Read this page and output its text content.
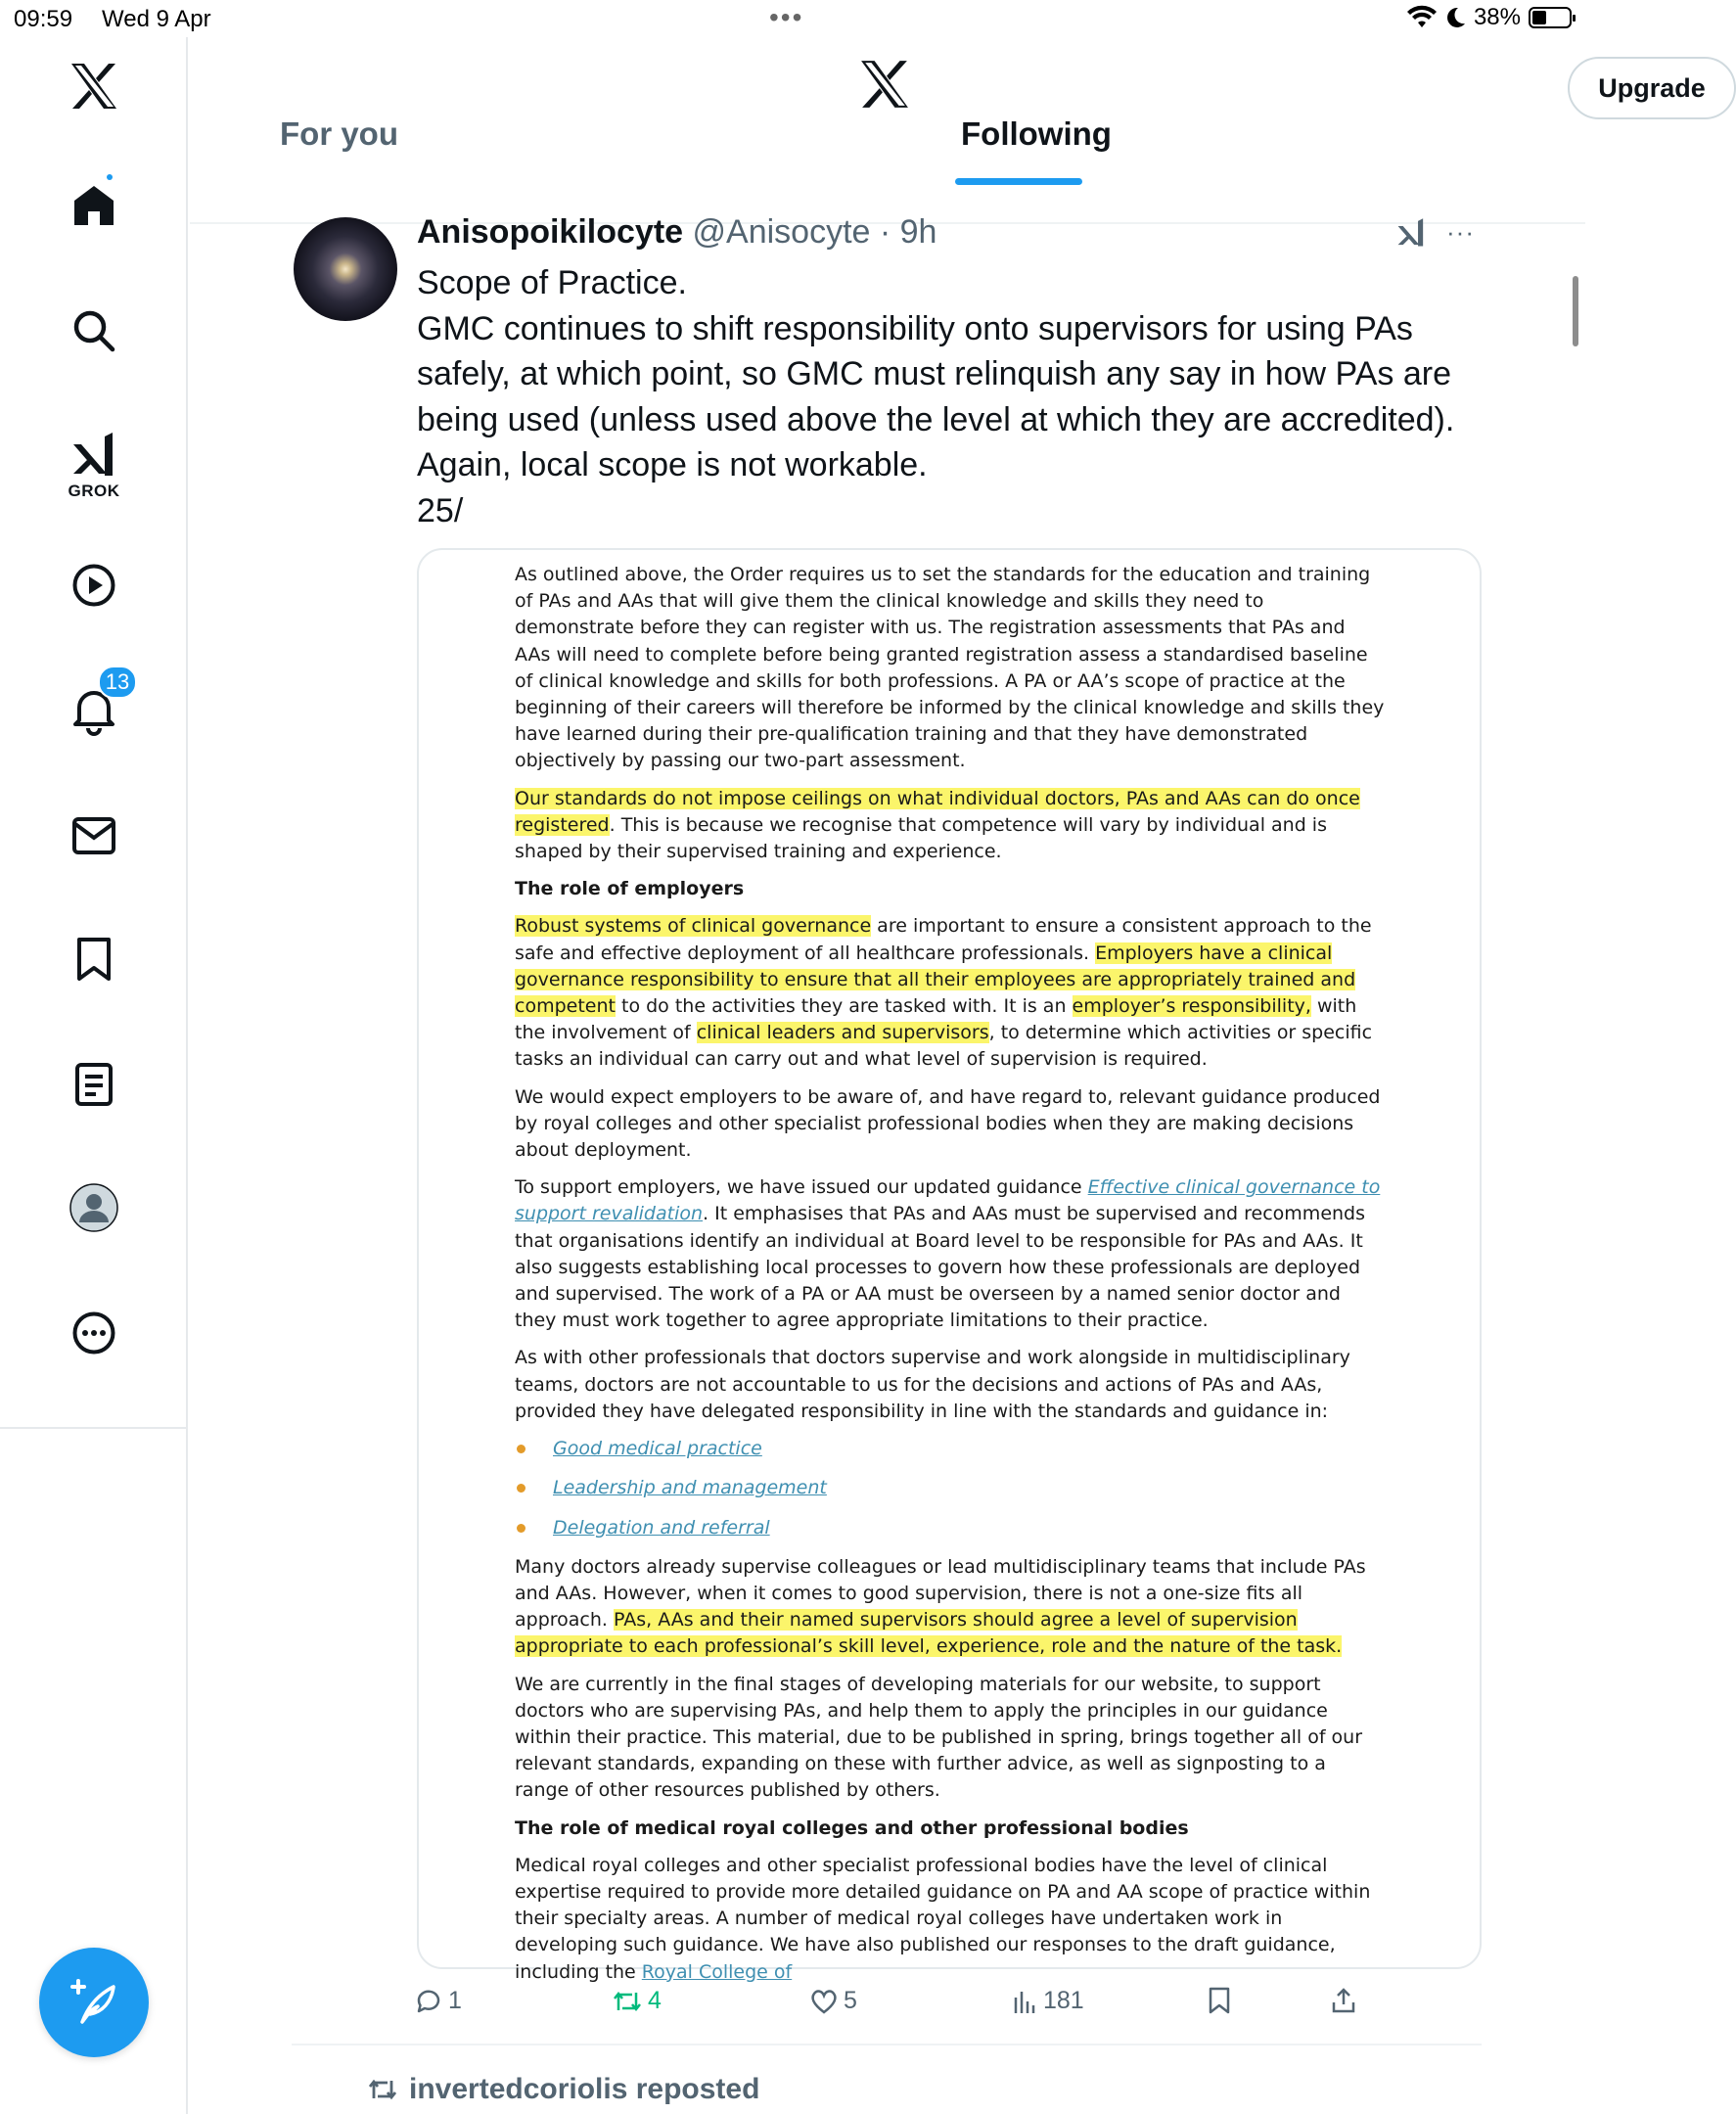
09:59 Wed 9 Apr	•••	38%
GROK
13
Upgrade
For you	Following
Anisopoikilocyte @Anisocyte · 9h	···
Scope of Practice.
GMC continues to shift responsibility onto supervisors for using PAs safely, at which point, so GMC must relinquish any say in how PAs are being used (unless used above the level at which they are accredited).
Again, local scope is not workable.
25/

As outlined above, the Order requires us to set the standards for the education and training of PAs and AAs that will give them the clinical knowledge and skills they need to demonstrate before they can register with us. The registration assessments that PAs and AAs will need to complete before being granted registration assess a standardised baseline of clinical knowledge and skills for both professions. A PA or AA’s scope of practice at the beginning of their careers will therefore be informed by the clinical knowledge and skills they have learned during their pre-qualification training and that they have demonstrated objectively by passing our two-part assessment.

Our standards do not impose ceilings on what individual doctors, PAs and AAs can do once registered. This is because we recognise that competence will vary by individual and is shaped by their supervised training and experience.

The role of employers

Robust systems of clinical governance are important to ensure a consistent approach to the safe and effective deployment of all healthcare professionals. Employers have a clinical governance responsibility to ensure that all their employees are appropriately trained and competent to do the activities they are tasked with. It is an employer’s responsibility, with the involvement of clinical leaders and supervisors, to determine which activities or specific tasks an individual can carry out and what level of supervision is required.

We would expect employers to be aware of, and have regard to, relevant guidance produced by royal colleges and other specialist professional bodies when they are making decisions about deployment.

To support employers, we have issued our updated guidance Effective clinical governance to support revalidation. It emphasises that PAs and AAs must be supervised and recommends that organisations identify an individual at Board level to be responsible for PAs and AAs. It also suggests establishing local processes to govern how these professionals are deployed and supervised. The work of a PA or AA must be overseen by a named senior doctor and they must work together to agree appropriate limitations to their practice.

As with other professionals that doctors supervise and work alongside in multidisciplinary teams, doctors are not accountable to us for the decisions and actions of PAs and AAs, provided they have delegated responsibility in line with the standards and guidance in:

Good medical practice
Leadership and management
Delegation and referral

Many doctors already supervise colleagues or lead multidisciplinary teams that include PAs and AAs. However, when it comes to good supervision, there is not a one-size fits all approach. PAs, AAs and their named supervisors should agree a level of supervision appropriate to each professional’s skill level, experience, role and the nature of the task.

We are currently in the final stages of developing materials for our website, to support doctors who are supervising PAs, and help them to apply the principles in our guidance within their practice. This material, due to be published in spring, brings together all of our relevant standards, expanding on these with further advice, as well as signposting to a range of other resources published by others.

The role of medical royal colleges and other professional bodies

Medical royal colleges and other specialist professional bodies have the level of clinical expertise required to provide more detailed guidance on PA and AA scope of practice within their specialty areas. A number of medical royal colleges have undertaken work in developing such guidance. We have also published our responses to the draft guidance, including the Royal College of

1	4	5	181
invertedcoriolis reposted
